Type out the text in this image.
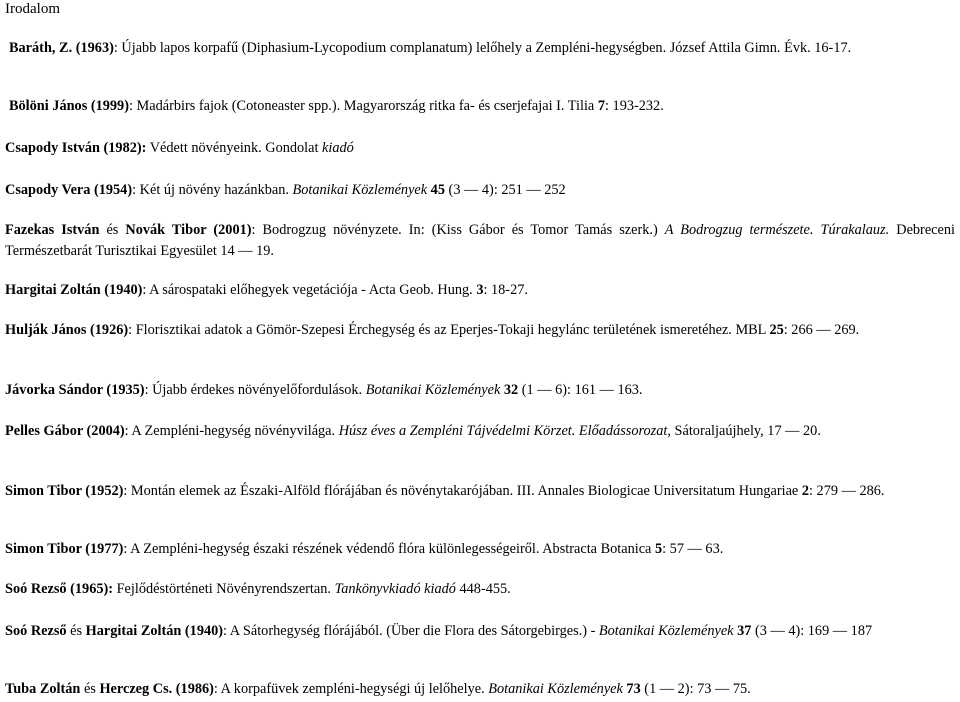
Irodalom
Baráth, Z. (1963): Újabb lapos korpafű (Diphasium-Lycopodium complanatum) lelőhely a Zempléni-hegységben. József Attila Gimn. Évk. 16-17.
Bölöni János (1999): Madárbirs fajok (Cotoneaster spp.). Magyarország ritka fa- és cserjefajai I. Tilia 7: 193-232.
Csapody István (1982): Védett növényeink. Gondolat kiadó
Csapody Vera (1954): Két új növény hazánkban. Botanikai Közlemények 45 (3 — 4): 251 — 252
Fazekas István és Novák Tibor (2001): Bodrogzug növényzete. In: (Kiss Gábor és Tomor Tamás szerk.) A Bodrogzug természete. Túrakalauz. Debreceni Természetbarát Turisztikai Egyesület 14 — 19.
Hargitai Zoltán (1940): A sárospataki előhegyek vegetációja - Acta Geob. Hung. 3: 18-27.
Hulják János (1926): Florisztikai adatok a Gömör-Szepesi Érchegység és az Eperjes-Tokaji hegylánc területének ismeretéhez. MBL 25: 266 — 269.
Jávorka Sándor (1935): Újabb érdekes növényelőfordulások. Botanikai Közlemények 32 (1 — 6): 161 — 163.
Pelles Gábor (2004): A Zempléni-hegység növényvilága. Húsz éves a Zempléni Tájvédelmi Körzet. Előadássorozat, Sátoraljaújhely, 17 — 20.
Simon Tibor (1952): Montán elemek az Északi-Alföld flórájában és növénytakarójában. III. Annales Biologicae Universitatum Hungariae 2: 279 — 286.
Simon Tibor (1977): A Zempléni-hegység északi részének védendő flóra különlegességeiről. Abstracta Botanica 5: 57 — 63.
Soó Rezső (1965): Fejlődéstörténeti Növényrendszertan. Tankönyvkiadó kiadó 448-455.
Soó Rezső és Hargitai Zoltán (1940): A Sátorhegység flórájából. (Über die Flora des Sátorgebirges.) - Botanikai Közlemények 37 (3 — 4): 169 — 187
Tuba Zoltán és Herczeg Cs. (1986): A korpafüvek zempléni-hegységi új lelőhelye. Botanikai Közlemények 73 (1 — 2): 73 — 75.
